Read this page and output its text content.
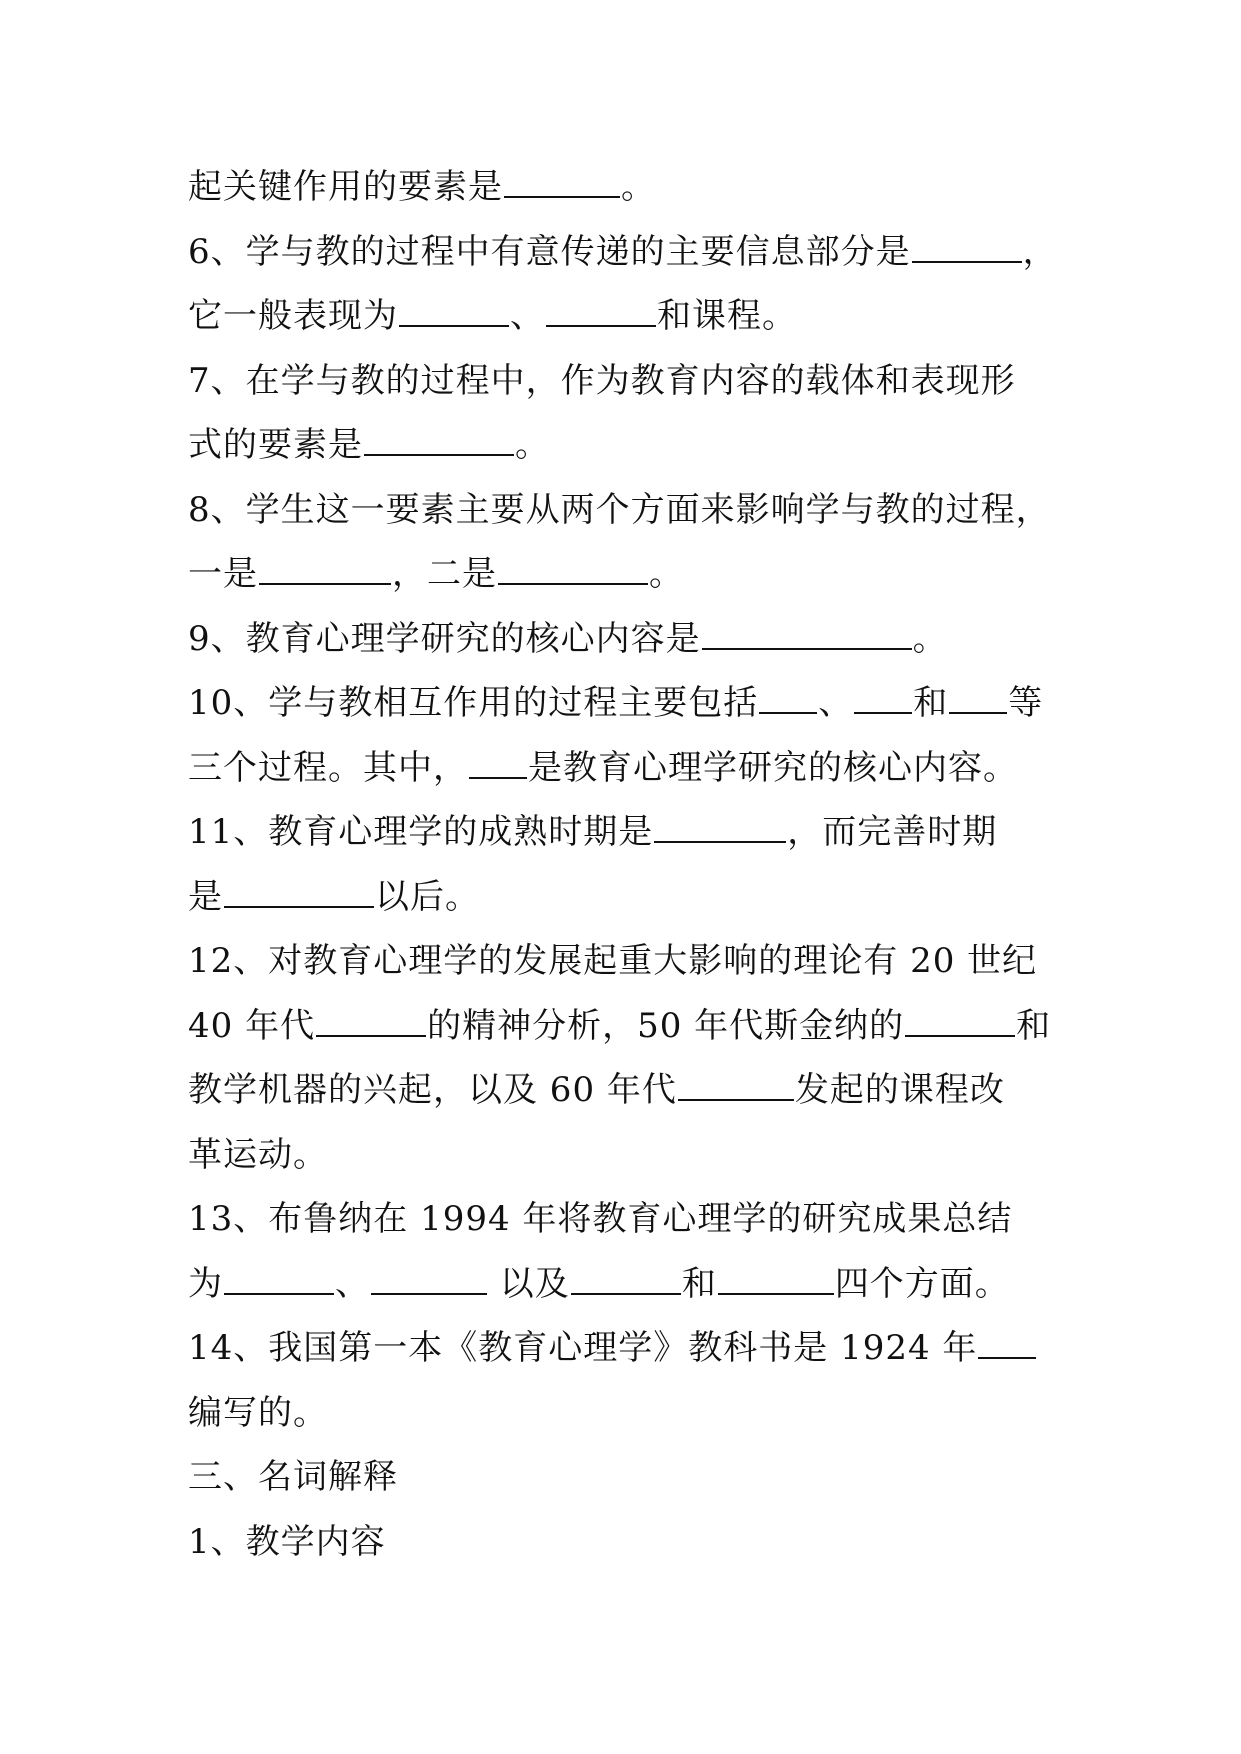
起关键作用的要素是	。
6、学与教的过程中有意传递的主要信息部分是	，
它一般表现为	、	和课程。
7、在学与教的过程中，作为教育内容的载体和表现形
式的要素是	。
8、学生这一要素主要从两个方面来影响学与教的过程，
一是	，二是	。
9、教育心理学研究的核心内容是	。
10、学与教相互作用的过程主要包括 、 和 等
三个过程。其中， 是教育心理学研究的核心内容。
11、教育心理学的成熟时期是	，而完善时期
是	以后。
12、对教育心理学的发展起重大影响的理论有 20 世纪
40 年代	的精神分析，50 年代斯金纳的	和
教学机器的兴起，以及 60 年代	发起的课程改
革运动。
13、布鲁纳在 1994 年将教育心理学的研究成果总结
为	、	以及	和	四个方面。
14、我国第一本《教育心理学》教科书是 1924 年
编写的。
三、名词解释
1、教学内容
